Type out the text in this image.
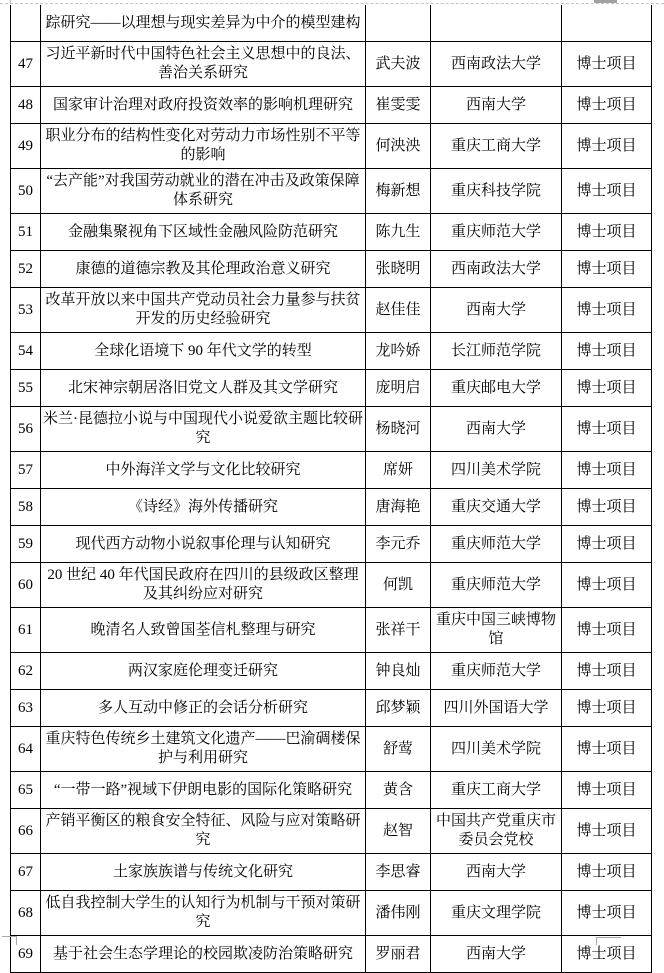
	踪研究——以理想与现实差异为中介的模型建构			
47	习近平新时代中国特色社会主义思想中的良法、善治关系研究	武夫波	西南政法大学	博士项目
48	国家审计治理对政府投资效率的影响机理研究	崔雯雯	西南大学	博士项目
49	职业分布的结构性变化对劳动力市场性别不平等的影响	何泱泱	重庆工商大学	博士项目
50	“去产能”对我国劳动就业的潜在冲击及政策保障体系研究	梅新想	重庆科技学院	博士项目
51	金融集聚视角下区域性金融风险防范研究	陈九生	重庆师范大学	博士项目
52	康德的道德宗教及其伦理政治意义研究	张晓明	西南政法大学	博士项目
53	改革开放以来中国共产党动员社会力量参与扶贫开发的历史经验研究	赵佳佳	西南大学	博士项目
54	全球化语境下 90 年代文学的转型	龙吟娇	长江师范学院	博士项目
55	北宋神宗朝居洛旧党文人群及其文学研究	庞明启	重庆邮电大学	博士项目
56	米兰·昆德拉小说与中国现代小说爱欲主题比较研究	杨晓河	西南大学	博士项目
57	中外海洋文学与文化比较研究	席妍	四川美术学院	博士项目
58	《诗经》海外传播研究	唐海艳	重庆交通大学	博士项目
59	现代西方动物小说叙事伦理与认知研究	李元乔	重庆师范大学	博士项目
60	20 世纪 40 年代国民政府在四川的县级政区整理及其纠纷应对研究	何凯	重庆师范大学	博士项目
61	晚清名人致曾国荃信札整理与研究	张祥干	重庆中国三峡博物馆	博士项目
62	两汉家庭伦理变迁研究	钟良灿	重庆师范大学	博士项目
63	多人互动中修正的会话分析研究	邱梦颖	四川外国语大学	博士项目
64	重庆特色传统乡土建筑文化遗产——巴渝碉楼保护与利用研究	舒莺	四川美术学院	博士项目
65	“一带一路”视域下伊朗电影的国际化策略研究	黄含	重庆工商大学	博士项目
66	产销平衡区的粮食安全特征、风险与应对策略研究	赵智	中国共产党重庆市委员会党校	博士项目
67	土家族族谱与传统文化研究	李思睿	西南大学	博士项目
68	低自我控制大学生的认知行为机制与干预对策研究	潘伟刚	重庆文理学院	博士项目
69	基于社会生态学理论的校园欺凌防治策略研究	罗丽君	西南大学	博士项目
